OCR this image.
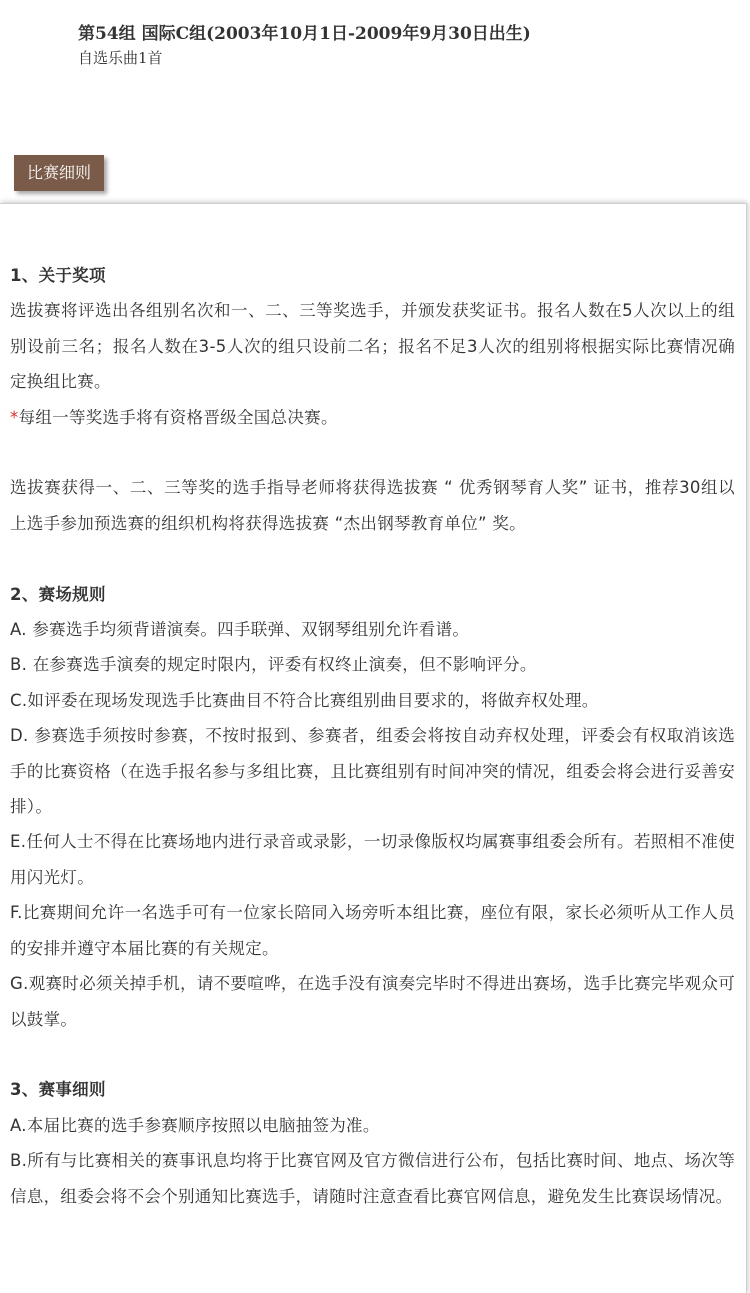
第54组 国际C组(2003年10月1日-2009年9月30日出生)
自选乐曲1首
比赛细则

1、关于奖项

选拔赛将评选出各组别名次和一、二、三等奖选手，并颁发获奖证书。报名人数在5人次以上的组别设前三名；报名人数在3-5人次的组只设前二名；报名不足3人次的组别将根据实际比赛情况确定换组比赛。

*每组一等奖选手将有资格晋级全国总决赛。

选拔赛获得一、二、三等奖的选手指导老师将获得选拔赛 “ 优秀钢琴育人奖” 证书，推荐30组以上选手参加预选赛的组织机构将获得选拔赛 “杰出钢琴教育单位” 奖。

2、赛场规则

A. 参赛选手均须背谱演奏。四手联弹、双钢琴组别允许看谱。

B. 在参赛选手演奏的规定时限内，评委有权终止演奏，但不影响评分。

C.如评委在现场发现选手比赛曲目不符合比赛组别曲目要求的，将做弃权处理。

D. 参赛选手须按时参赛，不按时报到、参赛者，组委会将按自动弃权处理，评委会有权取消该选手的比赛资格（在选手报名参与多组比赛，且比赛组别有时间冲突的情况，组委会将会进行妥善安排）。

E.任何人士不得在比赛场地内进行录音或录影，一切录像版权均属赛事组委会所有。若照相不准使用闪光灯。

F.比赛期间允许一名选手可有一位家长陪同入场旁听本组比赛，座位有限，家长必须听从工作人员的安排并遵守本届比赛的有关规定。

G.观赛时必须关掉手机，请不要喧哗，在选手没有演奏完毕时不得进出赛场，选手比赛完毕观众可以鼓掌。

3、赛事细则

A.本届比赛的选手参赛顺序按照以电脑抽签为准。

B.所有与比赛相关的赛事讯息均将于比赛官网及官方微信进行公布，包括比赛时间、地点、场次等信息，组委会将不会个别通知比赛选手，请随时注意查看比赛官网信息，避免发生比赛误场情况。
